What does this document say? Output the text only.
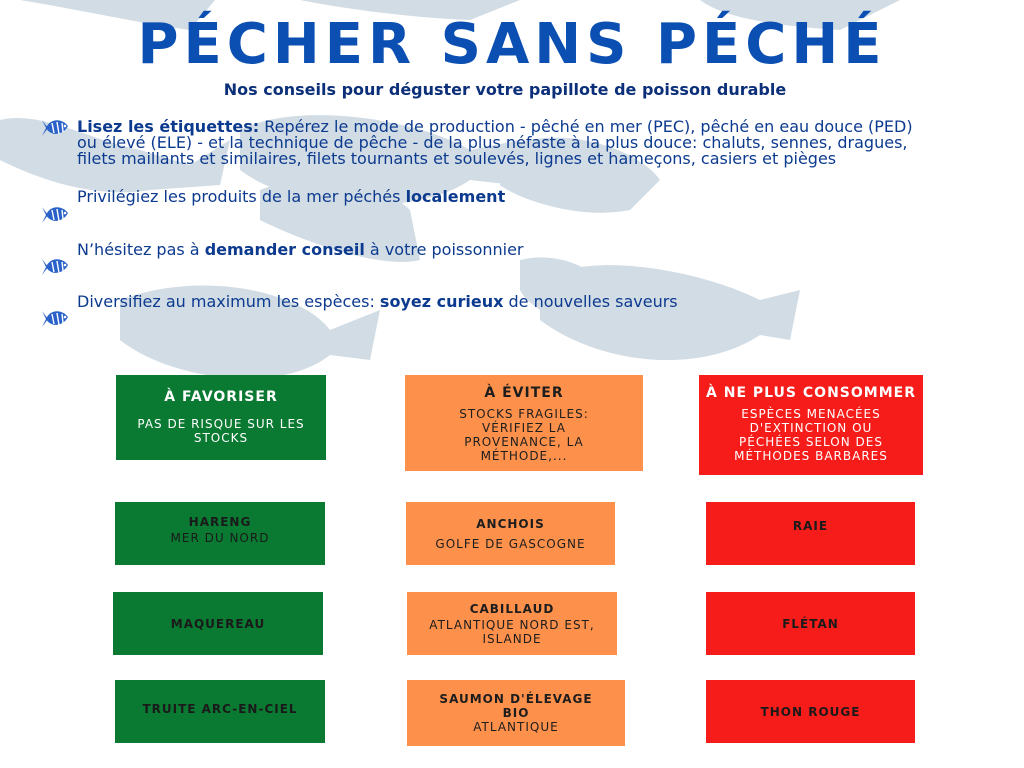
PÉCHER SANS PÉCHÉ
Nos conseils pour déguster votre papillote de poisson durable
Lisez les étiquettes: Repérez le mode de production - pêché en mer (PEC), pêché en eau douce (PED)
ou élevé (ELE) - et la technique de pêche - de la plus néfaste à la plus douce: chaluts, sennes, dragues,
filets maillants et similaires, filets tournants et soulevés, lignes et hameçons, casiers et pièges
Privilégiez les produits de la mer péchés localement
N’hésitez pas à demander conseil à votre poissonnier
Diversifiez au maximum les espèces: soyez curieux de nouvelles saveurs
À FAVORISER
PAS DE RISQUE SUR LES
STOCKS
À ÉVITER
STOCKS FRAGILES:
VÉRIFIEZ LA
PROVENANCE, LA
MÉTHODE,...
À NE PLUS CONSOMMER
ESPÈCES MENACÉES
D'EXTINCTION OU
PÉCHÉES SELON DES
MÉTHODES BARBARES
HARENG
MER DU NORD
MAQUEREAU
TRUITE ARC-EN-CIEL
ANCHOIS
GOLFE DE GASCOGNE
CABILLAUD
ATLANTIQUE NORD EST,
ISLANDE
SAUMON D'ÉLEVAGE
BIO
ATLANTIQUE
RAIE
FLÉTAN
THON ROUGE
